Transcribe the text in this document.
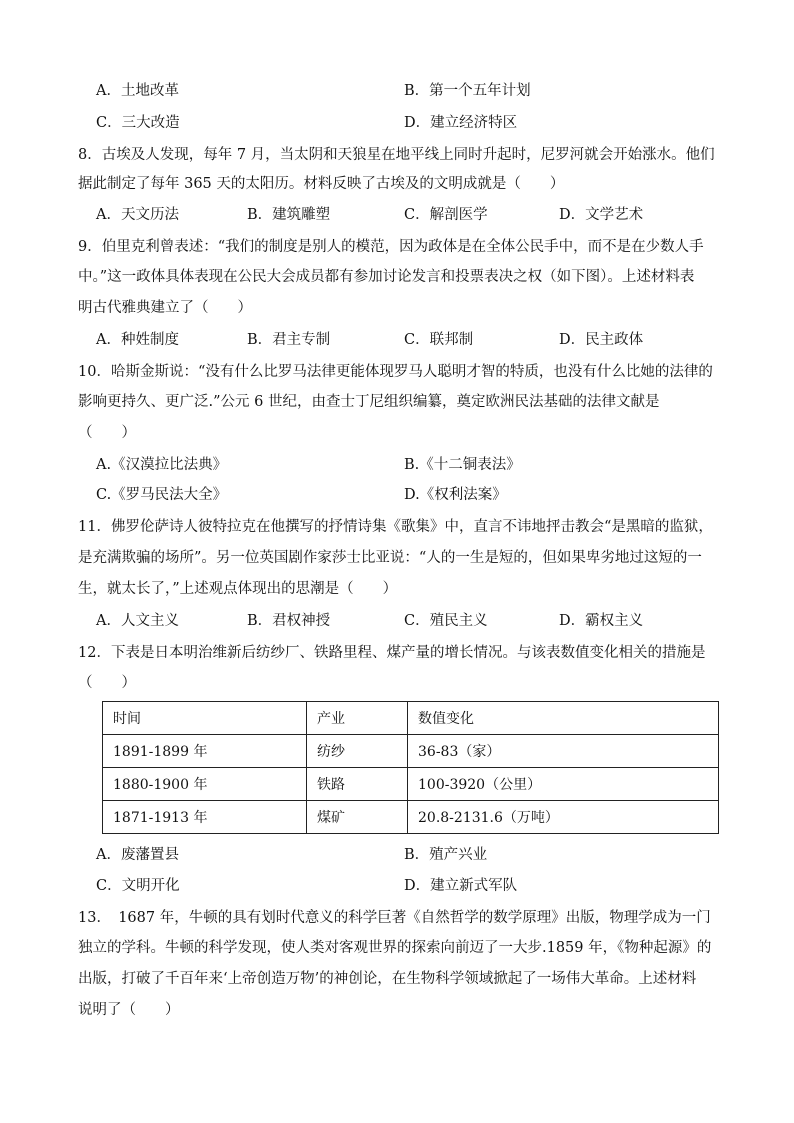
A．土地改革	B．第一个五年计划
C．三大改造	D．建立经济特区
8．古埃及人发现，每年 7 月，当太阴和天狼星在地平线上同时升起时，尼罗河就会开始涨水。他们
据此制定了每年 365 天的太阳历。材料反映了古埃及的文明成就是（　　）
A．天文历法	B．建筑雕塑	C．解剖医学	D．文学艺术
9．伯里克利曾表述：“我们的制度是别人的模范，因为政体是在全体公民手中，而不是在少数人手
中。”这一政体具体表现在公民大会成员都有参加讨论发言和投票表决之权（如下图）。上述材料表
明古代雅典建立了（　　）
A．种姓制度	B．君主专制	C．联邦制	D．民主政体
10．哈斯金斯说：“没有什么比罗马法律更能体现罗马人聪明才智的特质，也没有什么比她的法律的
影响更持久、更广泛.”公元 6 世纪，由查士丁尼组织编纂，奠定欧洲民法基础的法律文献是
（　　）
A.《汉漠拉比法典》	B.《十二铜表法》
C.《罗马民法大全》	D.《权利法案》
11．佛罗伦萨诗人彼特拉克在他撰写的抒情诗集《歌集》中，直言不讳地抨击教会“是黑暗的监狱，
是充满欺骗的场所”。另一位英国剧作家莎士比亚说：“人的一生是短的，但如果卑劣地过这短的一
生，就太长了，”上述观点体现出的思潮是（　　）
A．人文主义	B．君权神授	C．殖民主义	D．霸权主义
12．下表是日本明治维新后纺纱厂、铁路里程、煤产量的增长情况。与该表数值变化相关的措施是
（　　）
时间	产业	数值变化
1891-1899 年	纺纱	36-83（家）
1880-1900 年	铁路	100-3920（公里）
1871-1913 年	煤矿	20.8-2131.6（万吨）
A．废藩置县	B．殖产兴业
C．文明开化	D．建立新式军队
13．　1687 年，牛顿的具有划时代意义的科学巨著《自然哲学的数学原理》出版，物理学成为一门
独立的学科。牛顿的科学发现，使人类对客观世界的探索向前迈了一大步.1859 年，《物种起源》的
出版，打破了千百年来‘上帝创造万物’的神创论，在生物科学领域掀起了一场伟大革命。上述材料
说明了（　　）
